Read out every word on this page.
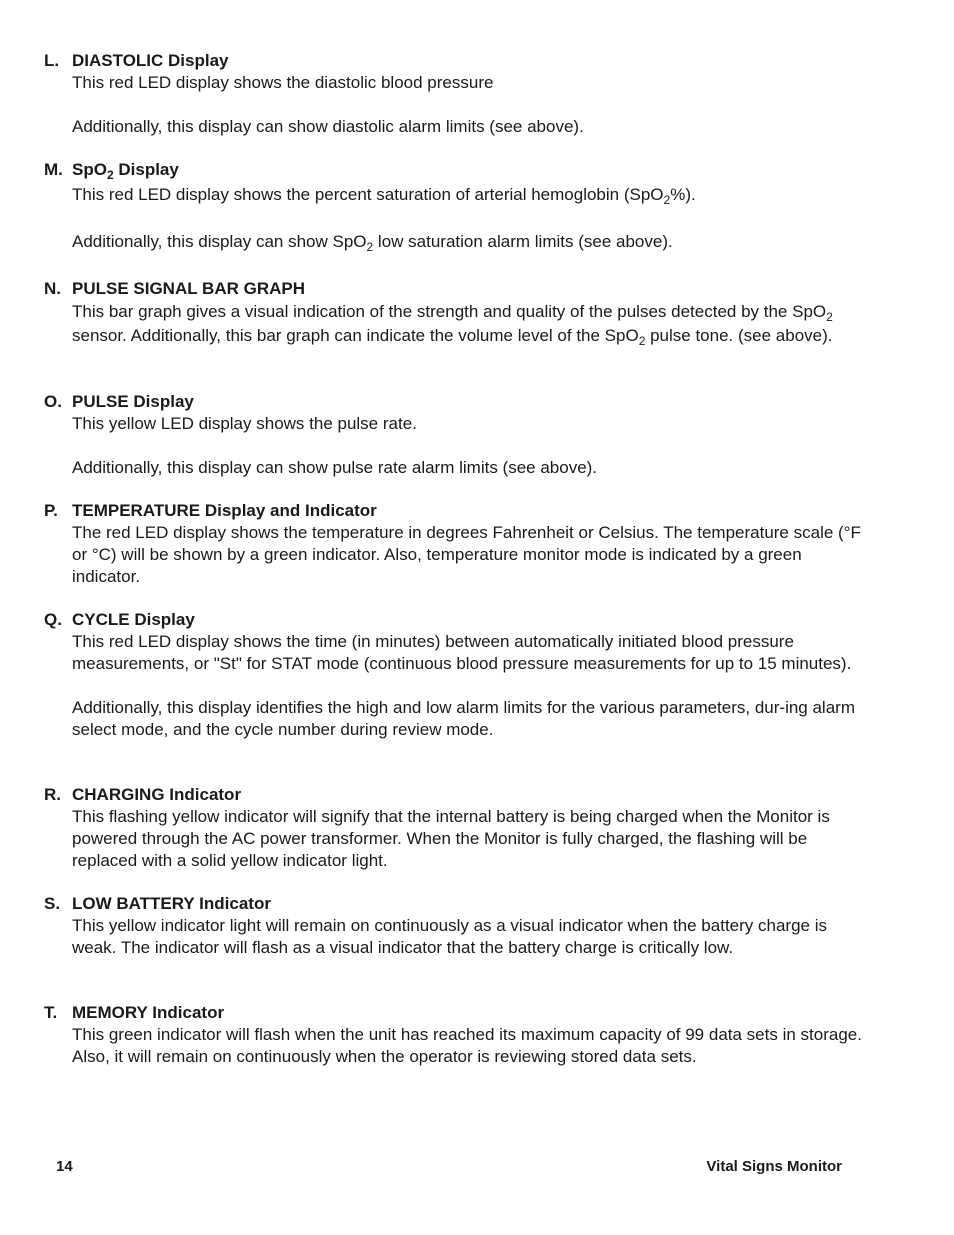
L. DIASTOLIC Display
This red LED display shows the diastolic blood pressure
Additionally, this display can show diastolic alarm limits (see above).
M. SpO$_2$ Display
This red LED display shows the percent saturation of arterial hemoglobin (SpO$_2$%).
Additionally, this display can show SpO$_2$ low saturation alarm limits (see above).
N. PULSE SIGNAL BAR GRAPH
This bar graph gives a visual indication of the strength and quality of the pulses detected by the SpO$_2$ sensor. Additionally, this bar graph can indicate the volume level of the SpO$_2$ pulse tone. (see above).
O. PULSE Display
This yellow LED display shows the pulse rate.
Additionally, this display can show pulse rate alarm limits (see above).
P. TEMPERATURE Display and Indicator
The red LED display shows the temperature in degrees Fahrenheit or Celsius. The temperature scale (°F or °C) will be shown by a green indicator. Also, temperature monitor mode is indicated by a green indicator.
Q. CYCLE Display
This red LED display shows the time (in minutes) between automatically initiated blood pressure measurements, or "St" for STAT mode (continuous blood pressure measurements for up to 15 minutes).
Additionally, this display identifies the high and low alarm limits for the various parameters, dur-ing alarm select mode, and the cycle number during review mode.
R. CHARGING Indicator
This flashing yellow indicator will signify that the internal battery is being charged when the Monitor is powered through the AC power transformer. When the Monitor is fully charged, the flashing will be replaced with a solid yellow indicator light.
S. LOW BATTERY Indicator
This yellow indicator light will remain on continuously as a visual indicator when the battery charge is weak. The indicator will flash as a visual indicator that the battery charge is critically low.
T. MEMORY Indicator
This green indicator will flash when the unit has reached its maximum capacity of 99 data sets in storage. Also, it will remain on continuously when the operator is reviewing stored data sets.
14	Vital Signs Monitor
